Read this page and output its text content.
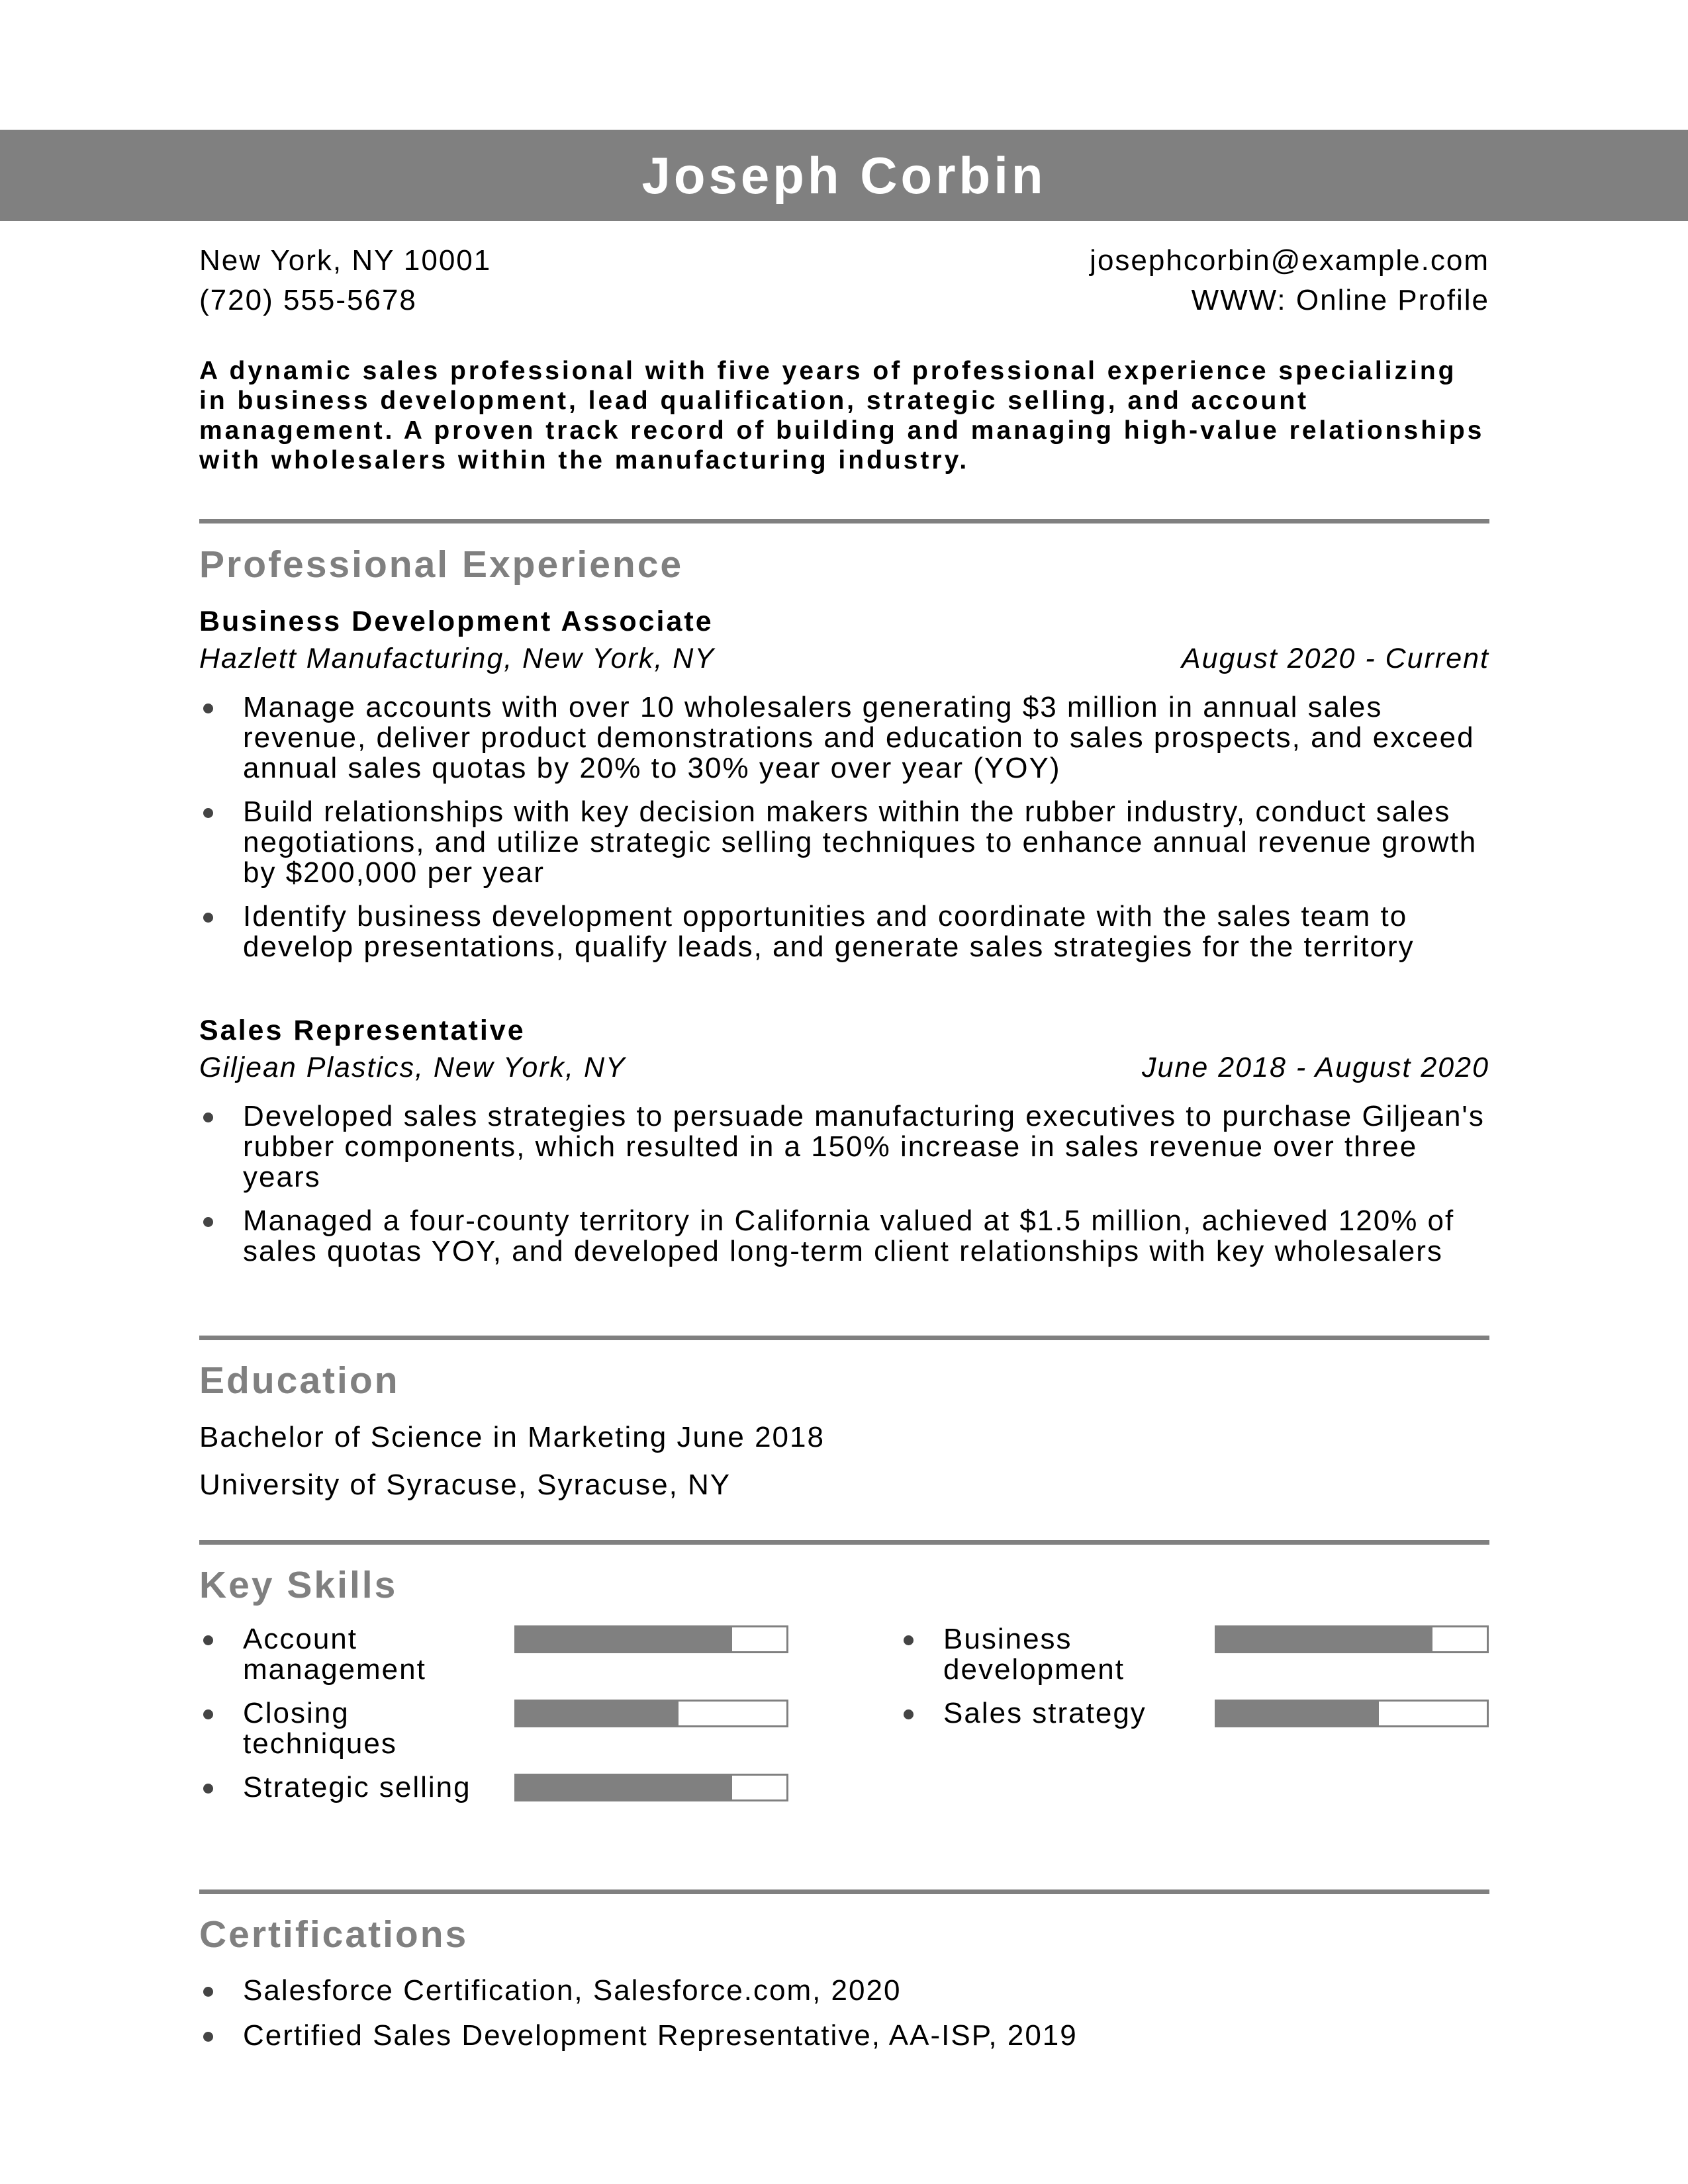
Joseph Corbin
New York, NY 10001	josephcorbin@example.com
(720) 555-5678	WWW: Online Profile
A dynamic sales professional with five years of professional experience specializing in business development, lead qualification, strategic selling, and account management. A proven track record of building and managing high-value relationships with wholesalers within the manufacturing industry.
Professional Experience
Business Development Associate
Hazlett Manufacturing, New York, NY	August 2020 - Current
Manage accounts with over 10 wholesalers generating $3 million in annual sales revenue, deliver product demonstrations and education to sales prospects, and exceed annual sales quotas by 20% to 30% year over year (YOY)
Build relationships with key decision makers within the rubber industry, conduct sales negotiations, and utilize strategic selling techniques to enhance annual revenue growth by $200,000 per year
Identify business development opportunities and coordinate with the sales team to develop presentations, qualify leads, and generate sales strategies for the territory
Sales Representative
Giljean Plastics, New York, NY	June 2018 - August 2020
Developed sales strategies to persuade manufacturing executives to purchase Giljean's rubber components, which resulted in a 150% increase in sales revenue over three years
Managed a four-county territory in California valued at $1.5 million, achieved 120% of sales quotas YOY, and developed long-term client relationships with key wholesalers
Education
Bachelor of Science in Marketing June 2018
University of Syracuse, Syracuse, NY
Key Skills
Account management
Business development
Closing techniques
Sales strategy
Strategic selling
Certifications
Salesforce Certification, Salesforce.com, 2020
Certified Sales Development Representative, AA-ISP, 2019
